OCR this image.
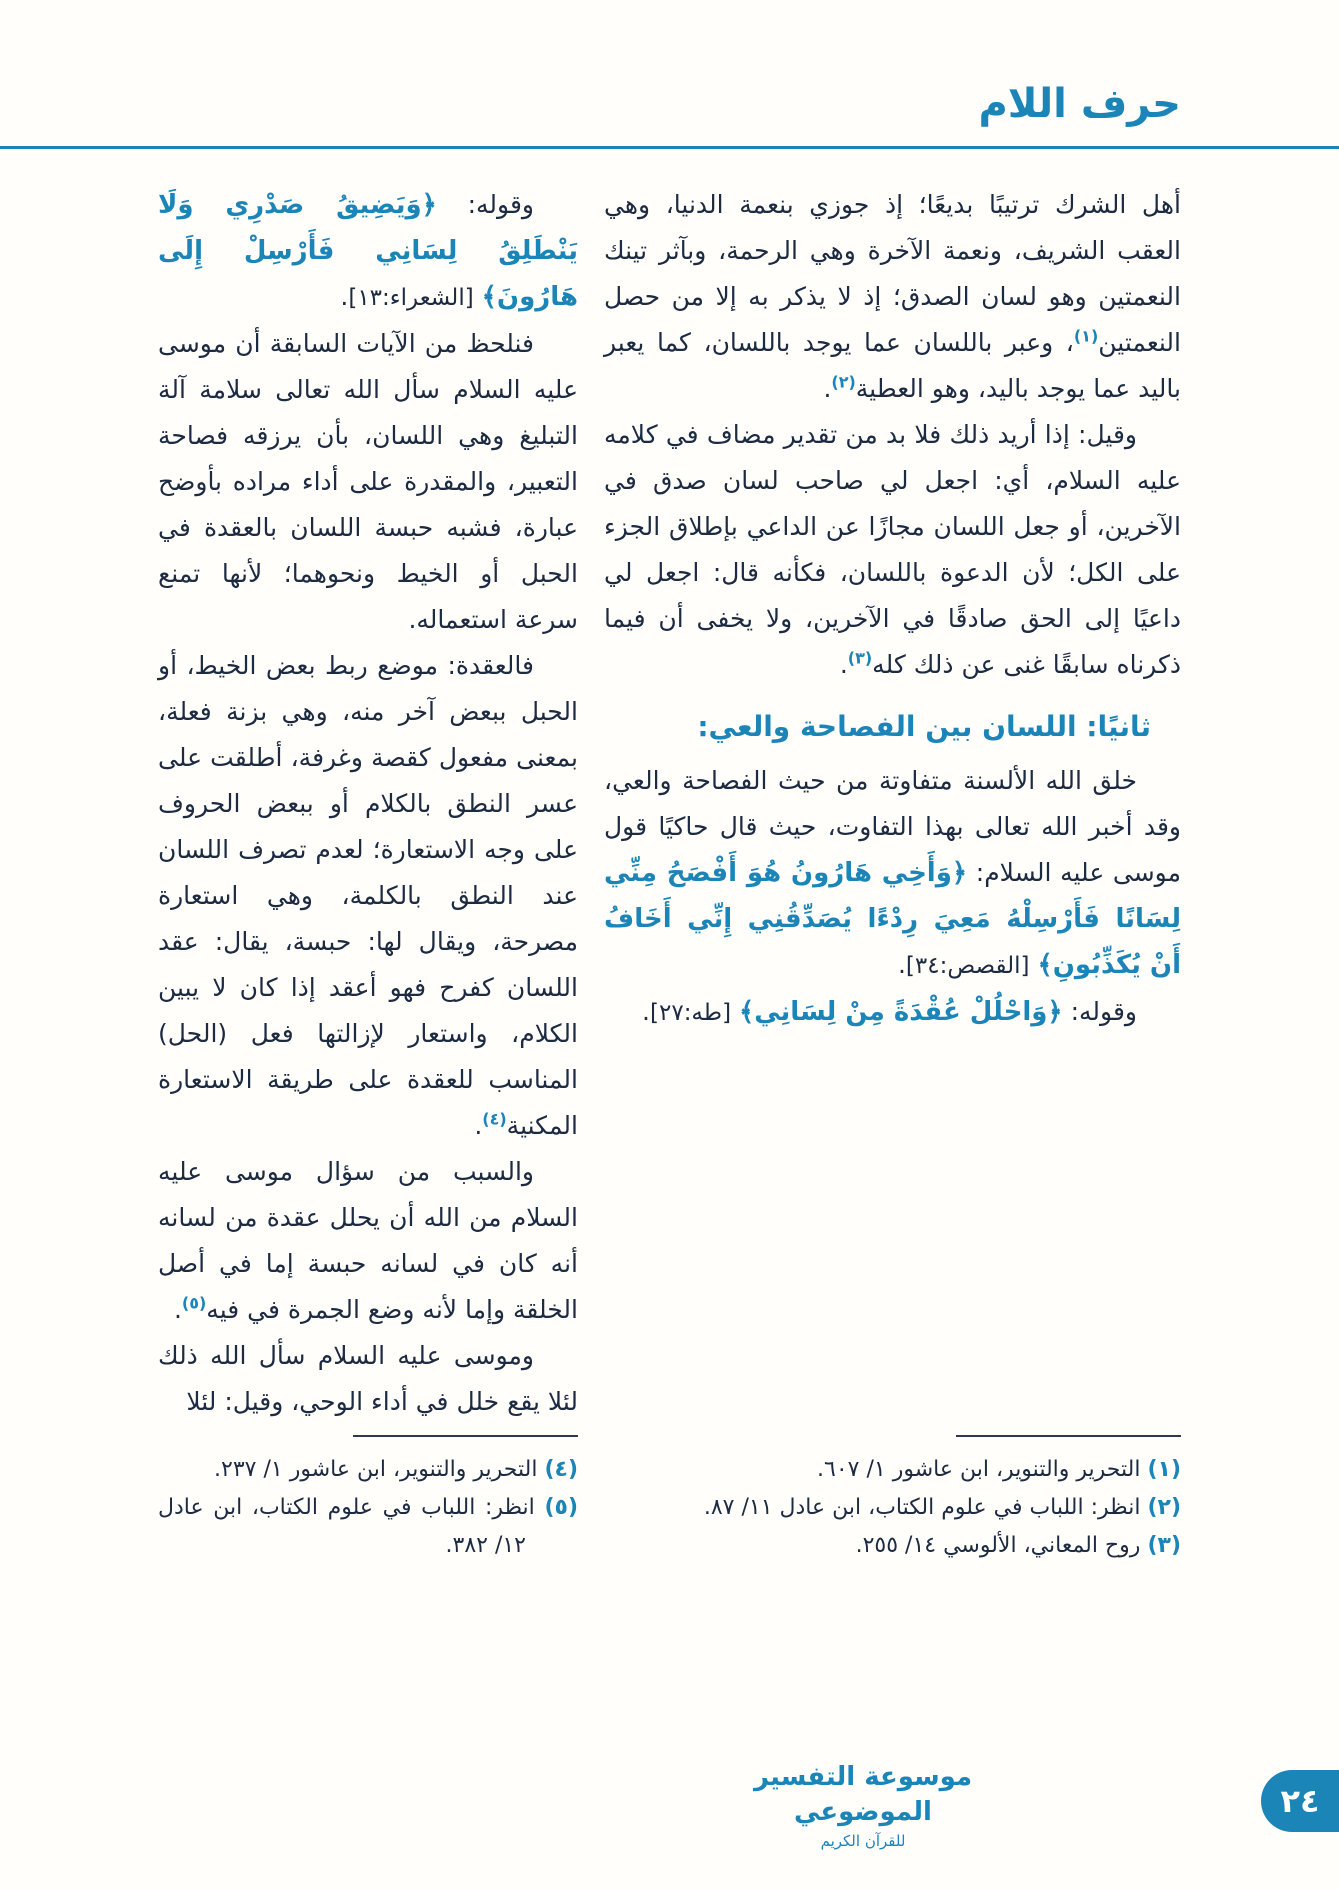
حرف اللام

أهل الشرك ترتيبًا بديعًا؛ إذ جوزي بنعمة الدنيا، وهي العقب الشريف، ونعمة الآخرة وهي الرحمة، وبآثر تينك النعمتين وهو لسان الصدق؛ إذ لا يذكر به إلا من حصل النعمتين$^{(١)}$، وعبر باللسان عما يوجد باللسان، كما يعبر باليد عما يوجد باليد، وهو العطية$^{(٢)}$.

وقيل: إذا أريد ذلك فلا بد من تقدير مضاف في كلامه عليه السلام، أي: اجعل لي صاحب لسان صدق في الآخرين، أو جعل اللسان مجازًا عن الداعي بإطلاق الجزء على الكل؛ لأن الدعوة باللسان، فكأنه قال: اجعل لي داعيًا إلى الحق صادقًا في الآخرين، ولا يخفى أن فيما ذكرناه سابقًا غنى عن ذلك كله$^{(٣)}$.

ثانيًا: اللسان بين الفصاحة والعي:

خلق الله الألسنة متفاوتة من حيث الفصاحة والعي، وقد أخبر الله تعالى بهذا التفاوت، حيث قال حاكيًا قول موسى عليه السلام: ﴿وَأَخِي هَارُونُ هُوَ أَفْصَحُ مِنِّي لِسَانًا فَأَرْسِلْهُ مَعِيَ رِدْءًا يُصَدِّقُنِي إِنِّي أَخَافُ أَنْ يُكَذِّبُونِ﴾ [القصص:٣٤].

وقوله: ﴿وَاحْلُلْ عُقْدَةً مِنْ لِسَانِي﴾ [طه:٢٧].

(١) التحرير والتنوير، ابن عاشور ١/ ٦٠٧.
(٢) انظر: اللباب في علوم الكتاب، ابن عادل ١١/ ٨٧.
(٣) روح المعاني، الألوسي ١٤/ ٢٥٥.

وقوله: ﴿وَيَضِيقُ صَدْرِي وَلَا يَنْطَلِقُ لِسَانِي فَأَرْسِلْ إِلَى هَارُونَ﴾ [الشعراء:١٣].

فنلحظ من الآيات السابقة أن موسى عليه السلام سأل الله تعالى سلامة آلة التبليغ وهي اللسان، بأن يرزقه فصاحة التعبير، والمقدرة على أداء مراده بأوضح عبارة، فشبه حبسة اللسان بالعقدة في الحبل أو الخيط ونحوهما؛ لأنها تمنع سرعة استعماله.

فالعقدة: موضع ربط بعض الخيط، أو الحبل ببعض آخر منه، وهي بزنة فعلة، بمعنى مفعول كقصة وغرفة، أطلقت على عسر النطق بالكلام أو ببعض الحروف على وجه الاستعارة؛ لعدم تصرف اللسان عند النطق بالكلمة، وهي استعارة مصرحة، ويقال لها: حبسة، يقال: عقد اللسان كفرح فهو أعقد إذا كان لا يبين الكلام، واستعار لإزالتها فعل (الحل) المناسب للعقدة على طريقة الاستعارة المكنية$^{(٤)}$.

والسبب من سؤال موسى عليه السلام من الله أن يحلل عقدة من لسانه أنه كان في لسانه حبسة إما في أصل الخلقة وإما لأنه وضع الجمرة في فيه$^{(٥)}$.

وموسى عليه السلام سأل الله ذلك لئلا يقع خلل في أداء الوحي، وقيل: لئلا

(٤) التحرير والتنوير، ابن عاشور ١/ ٢٣٧.
(٥) انظر: اللباب في علوم الكتاب، ابن عادل ١٢/ ٣٨٢.
موسوعة التفسير الموضوعي
للقرآن الكريم
٢٤
